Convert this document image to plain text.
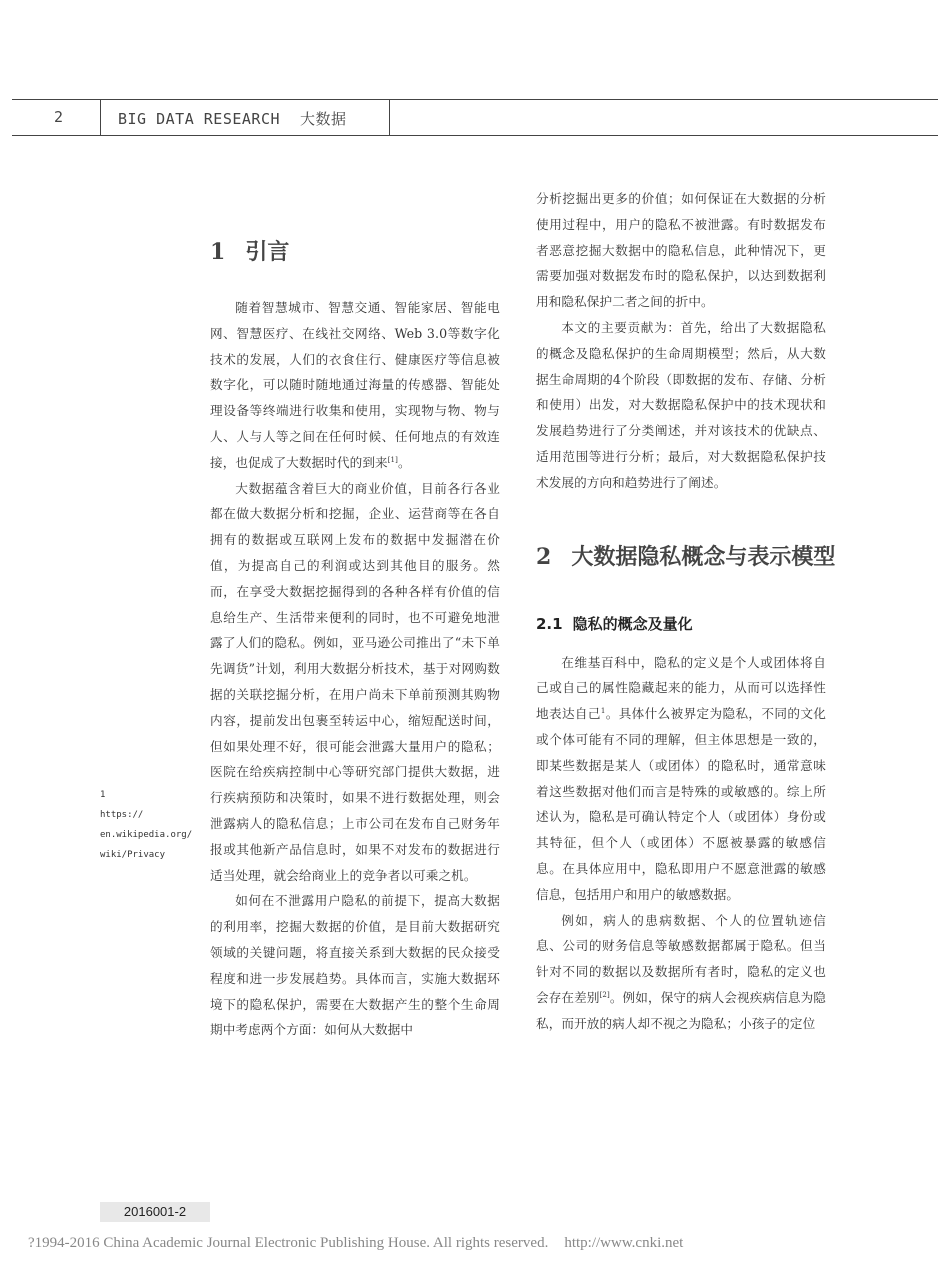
2	BIG DATA RESEARCH 大数据
1
https://
en.wikipedia.org/
wiki/Privacy
1 引言

随着智慧城市、智慧交通、智能家居、智能电网、智慧医疗、在线社交网络、Web 3.0等数字化技术的发展，人们的衣食住行、健康医疗等信息被数字化，可以随时随地通过海量的传感器、智能处理设备等终端进行收集和使用，实现物与物、物与人、人与人等之间在任何时候、任何地点的有效连接，也促成了大数据时代的到来[1]。

大数据蕴含着巨大的商业价值，目前各行各业都在做大数据分析和挖掘，企业、运营商等在各自拥有的数据或互联网上发布的数据中发掘潜在价值，为提高自己的利润或达到其他目的服务。然而，在享受大数据挖掘得到的各种各样有价值的信息给生产、生活带来便利的同时，也不可避免地泄露了人们的隐私。例如，亚马逊公司推出了“未下单先调货”计划，利用大数据分析技术，基于对网购数据的关联挖掘分析，在用户尚未下单前预测其购物内容，提前发出包裹至转运中心，缩短配送时间，但如果处理不好，很可能会泄露大量用户的隐私；医院在给疾病控制中心等研究部门提供大数据，进行疾病预防和决策时，如果不进行数据处理，则会泄露病人的隐私信息；上市公司在发布自己财务年报或其他新产品信息时，如果不对发布的数据进行适当处理，就会给商业上的竞争者以可乘之机。

如何在不泄露用户隐私的前提下，提高大数据的利用率，挖掘大数据的价值，是目前大数据研究领域的关键问题，将直接关系到大数据的民众接受程度和进一步发展趋势。具体而言，实施大数据环境下的隐私保护，需要在大数据产生的整个生命周期中考虑两个方面：如何从大数据中

分析挖掘出更多的价值；如何保证在大数据的分析使用过程中，用户的隐私不被泄露。有时数据发布者恶意挖掘大数据中的隐私信息，此种情况下，更需要加强对数据发布时的隐私保护，以达到数据利用和隐私保护二者之间的折中。

本文的主要贡献为：首先，给出了大数据隐私的概念及隐私保护的生命周期模型；然后，从大数据生命周期的4个阶段（即数据的发布、存储、分析和使用）出发，对大数据隐私保护中的技术现状和发展趋势进行了分类阐述，并对该技术的优缺点、适用范围等进行分析；最后，对大数据隐私保护技术发展的方向和趋势进行了阐述。

2 大数据隐私概念与表示模型
2.1 隐私的概念及量化

在维基百科中，隐私的定义是个人或团体将自己或自己的属性隐藏起来的能力，从而可以选择性地表达自己$^1$。具体什么被界定为隐私，不同的文化或个体可能有不同的理解，但主体思想是一致的，即某些数据是某人（或团体）的隐私时，通常意味着这些数据对他们而言是特殊的或敏感的。综上所述认为，隐私是可确认特定个人（或团体）身份或其特征，但个人（或团体）不愿被暴露的敏感信息。在具体应用中，隐私即用户不愿意泄露的敏感信息，包括用户和用户的敏感数据。

例如，病人的患病数据、个人的位置轨迹信息、公司的财务信息等敏感数据都属于隐私。但当针对不同的数据以及数据所有者时，隐私的定义也会存在差别[2]。例如，保守的病人会视疾病信息为隐私，而开放的病人却不视之为隐私；小孩子的定位

2016001-2
?1994-2016 China Academic Journal Electronic Publishing House. All rights reserved. http://www.cnki.net
